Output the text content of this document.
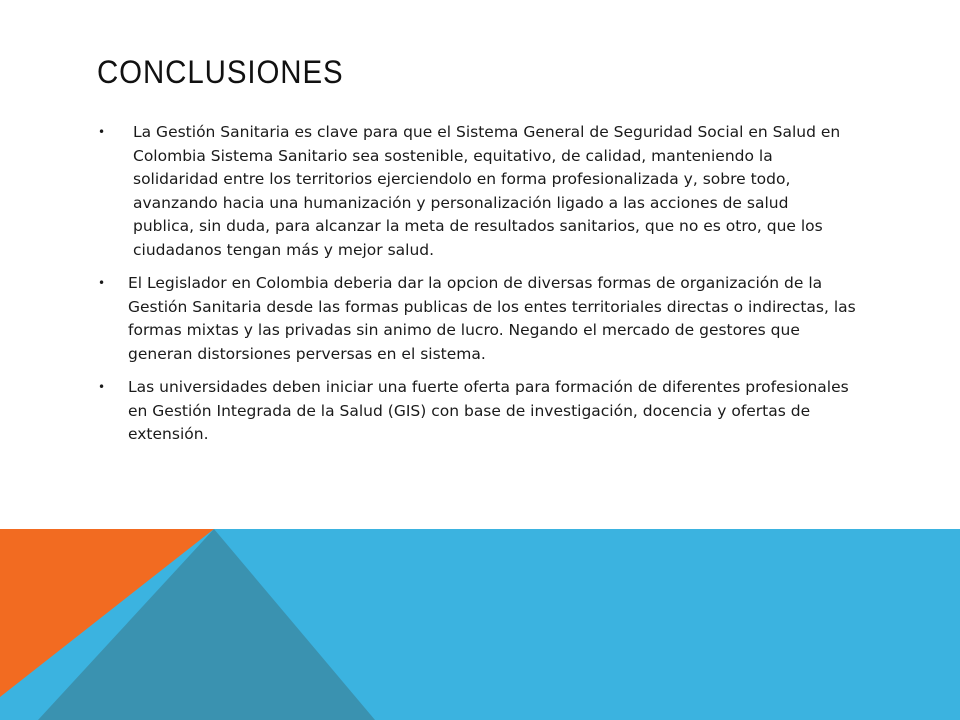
CONCLUSIONES
• La Gestión Sanitaria es clave para que el Sistema General de Seguridad Social en Salud en Colombia Sistema Sanitario sea sostenible, equitativo, de calidad, manteniendo la solidaridad entre los territorios ejerciendolo en forma profesionalizada y, sobre todo, avanzando hacia una humanización y personalización ligado a las acciones de salud publica, sin duda, para alcanzar la meta de resultados sanitarios, que no es otro, que los ciudadanos tengan más y mejor salud.
• El Legislador en Colombia deberia dar la opcion de diversas formas de organización de la Gestión Sanitaria desde las formas publicas de los entes territoriales directas o indirectas, las formas mixtas y las privadas sin animo de lucro. Negando el mercado de gestores que generan distorsiones perversas en el sistema.
• Las universidades deben iniciar una fuerte oferta para formación de diferentes profesionales en Gestión Integrada de la Salud (GIS) con base de investigación, docencia y ofertas de extensión.
